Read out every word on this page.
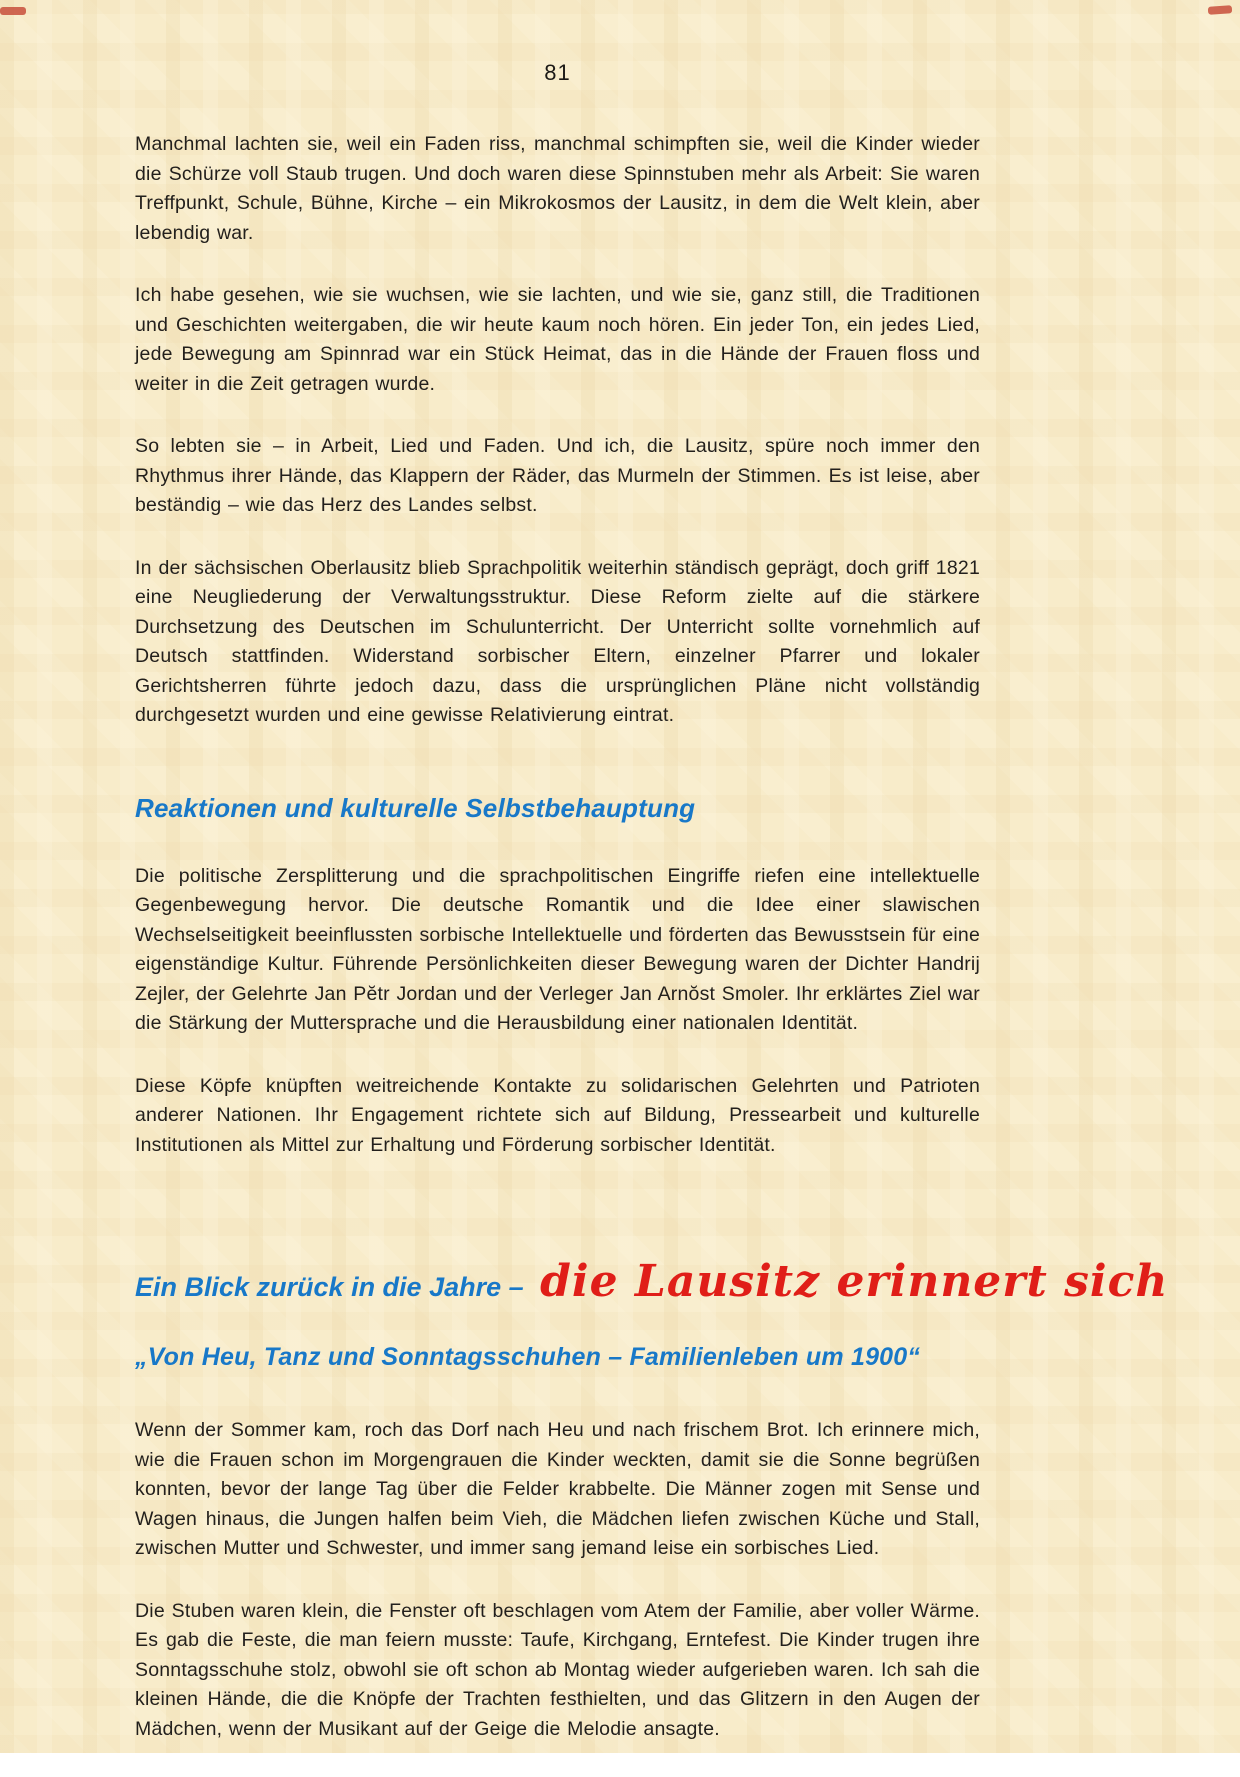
81

Manchmal lachten sie, weil ein Faden riss, manchmal schimpften sie, weil die Kinder wieder die Schürze voll Staub trugen. Und doch waren diese Spinnstuben mehr als Arbeit: Sie waren Treffpunkt, Schule, Bühne, Kirche – ein Mikrokosmos der Lausitz, in dem die Welt klein, aber lebendig war.

Ich habe gesehen, wie sie wuchsen, wie sie lachten, und wie sie, ganz still, die Traditionen und Geschichten weitergaben, die wir heute kaum noch hören. Ein jeder Ton, ein jedes Lied, jede Bewegung am Spinnrad war ein Stück Heimat, das in die Hände der Frauen floss und weiter in die Zeit getragen wurde.

So lebten sie – in Arbeit, Lied und Faden. Und ich, die Lausitz, spüre noch immer den Rhythmus ihrer Hände, das Klappern der Räder, das Murmeln der Stimmen. Es ist leise, aber beständig – wie das Herz des Landes selbst.

In der sächsischen Oberlausitz blieb Sprachpolitik weiterhin ständisch geprägt, doch griff 1821 eine Neugliederung der Verwaltungsstruktur. Diese Reform zielte auf die stärkere Durchsetzung des Deutschen im Schulunterricht. Der Unterricht sollte vornehmlich auf Deutsch stattfinden. Widerstand sorbischer Eltern, einzelner Pfarrer und lokaler Gerichtsherren führte jedoch dazu, dass die ursprünglichen Pläne nicht vollständig durchgesetzt wurden und eine gewisse Relativierung eintrat.

Reaktionen und kulturelle Selbstbehauptung

Die politische Zersplitterung und die sprachpolitischen Eingriffe riefen eine intellektuelle Gegenbewegung hervor. Die deutsche Romantik und die Idee einer slawischen Wechselseitigkeit beeinflussten sorbische Intellektuelle und förderten das Bewusstsein für eine eigenständige Kultur. Führende Persönlichkeiten dieser Bewegung waren der Dichter Handrij Zejler, der Gelehrte Jan Pĕtr Jordan und der Verleger Jan Arnŏst Smoler. Ihr erklärtes Ziel war die Stärkung der Muttersprache und die Herausbildung einer nationalen Identität.

Diese Köpfe knüpften weitreichende Kontakte zu solidarischen Gelehrten und Patrioten anderer Nationen. Ihr Engagement richtete sich auf Bildung, Pressearbeit und kulturelle Institutionen als Mittel zur Erhaltung und Förderung sorbischer Identität.

Ein Blick zurück in die Jahre – die Lausitz erinnert sich
„Von Heu, Tanz und Sonntagsschuhen – Familienleben um 1900“

Wenn der Sommer kam, roch das Dorf nach Heu und nach frischem Brot. Ich erinnere mich, wie die Frauen schon im Morgengrauen die Kinder weckten, damit sie die Sonne begrüßen konnten, bevor der lange Tag über die Felder krabbelte. Die Männer zogen mit Sense und Wagen hinaus, die Jungen halfen beim Vieh, die Mädchen liefen zwischen Küche und Stall, zwischen Mutter und Schwester, und immer sang jemand leise ein sorbisches Lied.

Die Stuben waren klein, die Fenster oft beschlagen vom Atem der Familie, aber voller Wärme. Es gab die Feste, die man feiern musste: Taufe, Kirchgang, Erntefest. Die Kinder trugen ihre Sonntagsschuhe stolz, obwohl sie oft schon ab Montag wieder aufgerieben waren. Ich sah die kleinen Hände, die die Knöpfe der Trachten festhielten, und das Glitzern in den Augen der Mädchen, wenn der Musikant auf der Geige die Melodie ansagte.
